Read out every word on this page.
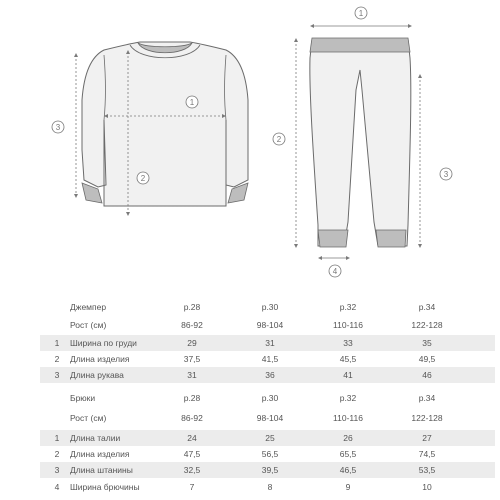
1
2
3
1
2
3
4
Джемпер	р.28	р.30	р.32	р.34
Рост (см)	86-92	98-104	110-116	122-128
1	Ширина по груди	29	31	33	35
2	Длина изделия	37,5	41,5	45,5	49,5
3	Длина рукава	31	36	41	46
Брюки	р.28	р.30	р.32	р.34
Рост (см)	86-92	98-104	110-116	122-128
1	Длина талии	24	25	26	27
2	Длина изделия	47,5	56,5	65,5	74,5
3	Длина штанины	32,5	39,5	46,5	53,5
4	Ширина брючины	7	8	9	10
